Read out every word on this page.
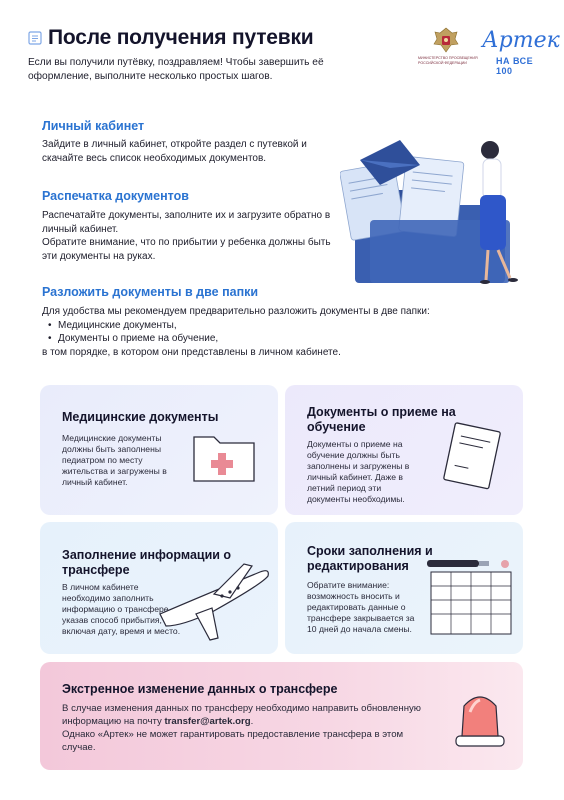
После получения путевки
Если вы получили путёвку, поздравляем! Чтобы завершить её оформление, выполните несколько простых шагов.
МИНИСТЕРСТВО ПРОСВЕЩЕНИЯ РОССИЙСКОЙ ФЕДЕРАЦИИ
Артек
НА ВСЕ 100
Личный кабинет
Зайдите в личный кабинет, откройте раздел с путевкой и скачайте весь список необходимых документов.
Распечатка документов
Распечатайте документы, заполните их и загрузите обратно в личный кабинет.
Обратите внимание, что по прибытии у ребенка должны быть эти документы на руках.
Разложить документы в две папки
Для удобства мы рекомендуем предварительно разложить документы в две папки:
• Медицинские документы,
• Документы о приеме на обучение,
в том порядке, в котором они представлены в личном кабинете.
Медицинские документы
Медицинские документы должны быть заполнены педиатром по месту жительства и загружены в личный кабинет.
Документы о приеме на обучение
Документы о приеме на обучение должны быть заполнены и загружены в личный кабинет. Даже в летний период эти документы необходимы.
Заполнение информации о трансфере
В личном кабинете необходимо заполнить информацию о трансфере, указав способ прибытия, включая дату, время и место.
Сроки заполнения и редактирования
Обратите внимание: возможность вносить и редактировать данные о трансфере закрывается за 10 дней до начала смены.
Экстренное изменение данных о трансфере
В случае изменения данных по трансферу необходимо направить обновленную информацию на почту transfer@artek.org.
Однако «Артек» не может гарантировать предоставление трансфера в этом случае.
